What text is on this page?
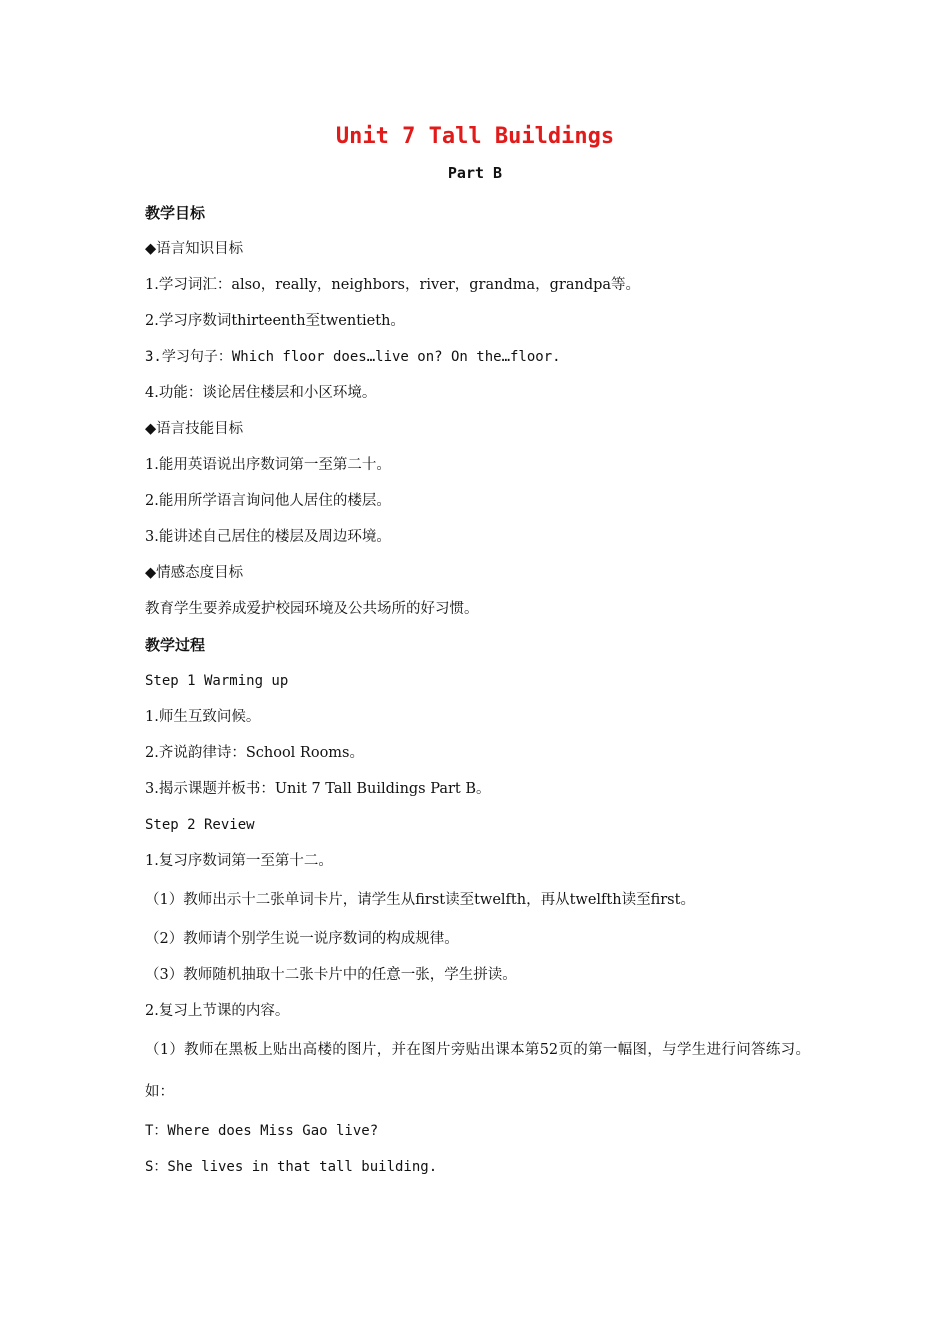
Unit 7 Tall Buildings
Part B

教学目标

◆语言知识目标

1.学习词汇：also，really，neighbors，river，grandma，grandpa等。

2.学习序数词thirteenth至twentieth。

3.学习句子：Which floor does…live on? On the…floor.

4.功能：谈论居住楼层和小区环境。

◆语言技能目标

1.能用英语说出序数词第一至第二十。

2.能用所学语言询问他人居住的楼层。

3.能讲述自己居住的楼层及周边环境。

◆情感态度目标

教育学生要养成爱护校园环境及公共场所的好习惯。

教学过程

Step 1 Warming up

1.师生互致问候。

2.齐说韵律诗：School Rooms。

3.揭示课题并板书：Unit 7 Tall Buildings Part B。

Step 2 Review

1.复习序数词第一至第十二。

（1）教师出示十二张单词卡片，请学生从first读至twelfth，再从twelfth读至first。

（2）教师请个别学生说一说序数词的构成规律。

（3）教师随机抽取十二张卡片中的任意一张，学生拼读。

2.复习上节课的内容。

（1）教师在黑板上贴出高楼的图片，并在图片旁贴出课本第52页的第一幅图，与学生进行问答练习。如：

T：Where does Miss Gao live?

S：She lives in that tall building.
